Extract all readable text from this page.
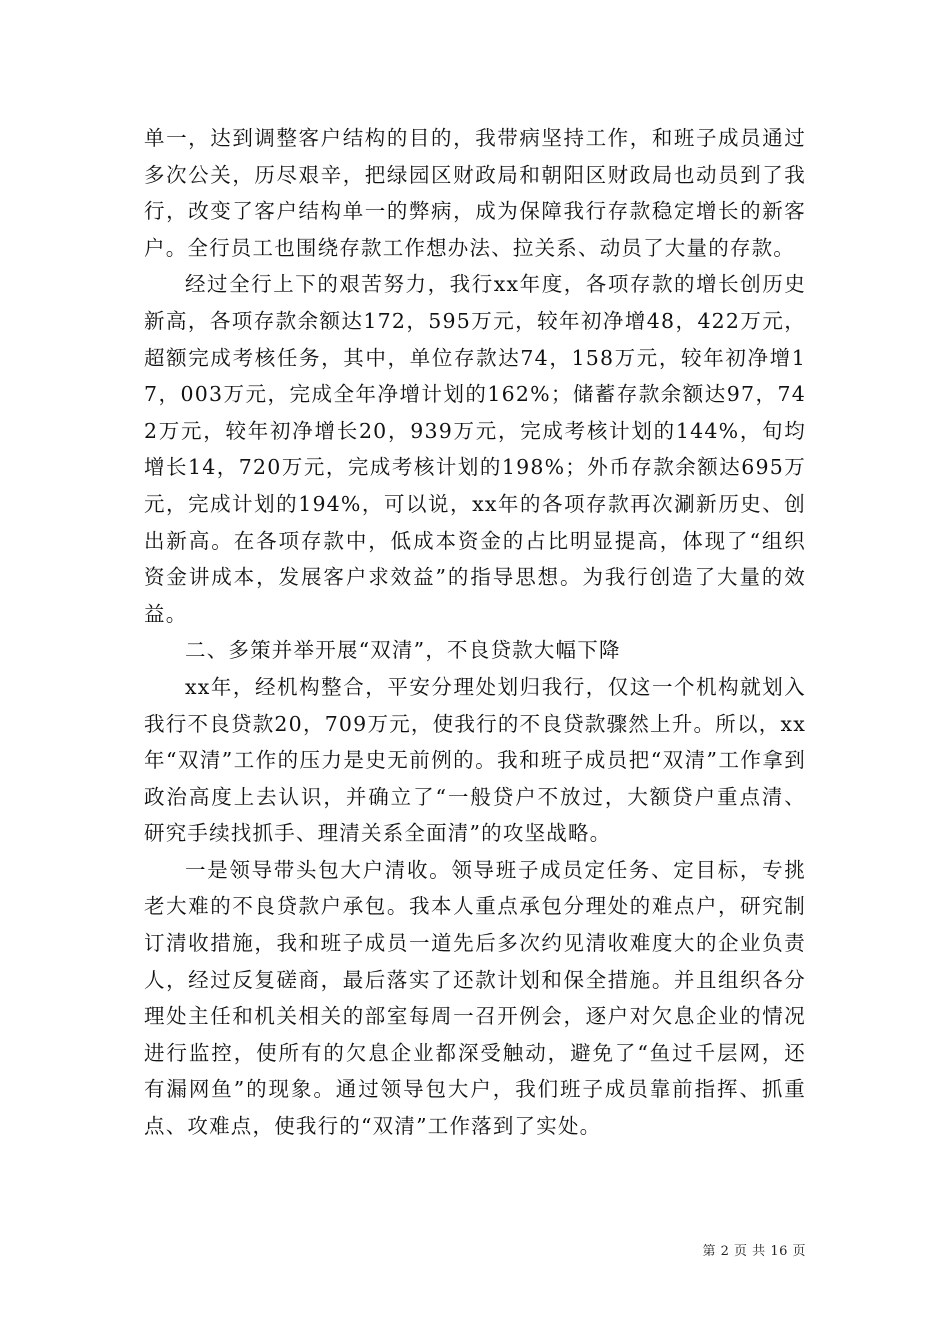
单一，达到调整客户结构的目的，我带病坚持工作，和班子成员通过多次公关，历尽艰辛，把绿园区财政局和朝阳区财政局也动员到了我行，改变了客户结构单一的弊病，成为保障我行存款稳定增长的新客户。全行员工也围绕存款工作想办法、拉关系、动员了大量的存款。

经过全行上下的艰苦努力，我行xx年度，各项存款的增长创历史新高，各项存款余额达172，595万元，较年初净增48，422万元，超额完成考核任务，其中，单位存款达74，158万元，较年初净增17，003万元，完成全年净增计划的162%；储蓄存款余额达97，742万元，较年初净增长20，939万元，完成考核计划的144%，旬均增长14，720万元，完成考核计划的198%；外币存款余额达695万元，完成计划的194%，可以说，xx年的各项存款再次涮新历史、创出新高。在各项存款中，低成本资金的占比明显提高，体现了“组织资金讲成本，发展客户求效益”的指导思想。为我行创造了大量的效益。

二、多策并举开展“双清”，不良贷款大幅下降

xx年，经机构整合，平安分理处划归我行，仅这一个机构就划入我行不良贷款20，709万元，使我行的不良贷款骤然上升。所以，xx年“双清”工作的压力是史无前例的。我和班子成员把“双清”工作拿到政治高度上去认识，并确立了“一般贷户不放过，大额贷户重点清、研究手续找抓手、理清关系全面清”的攻坚战略。

一是领导带头包大户清收。领导班子成员定任务、定目标，专挑老大难的不良贷款户承包。我本人重点承包分理处的难点户，研究制订清收措施，我和班子成员一道先后多次约见清收难度大的企业负责人，经过反复磋商，最后落实了还款计划和保全措施。并且组织各分理处主任和机关相关的部室每周一召开例会，逐户对欠息企业的情况进行监控，使所有的欠息企业都深受触动，避免了“鱼过千层网，还有漏网鱼”的现象。通过领导包大户，我们班子成员靠前指挥、抓重点、攻难点，使我行的“双清”工作落到了实处。

第 2 页 共 16 页
